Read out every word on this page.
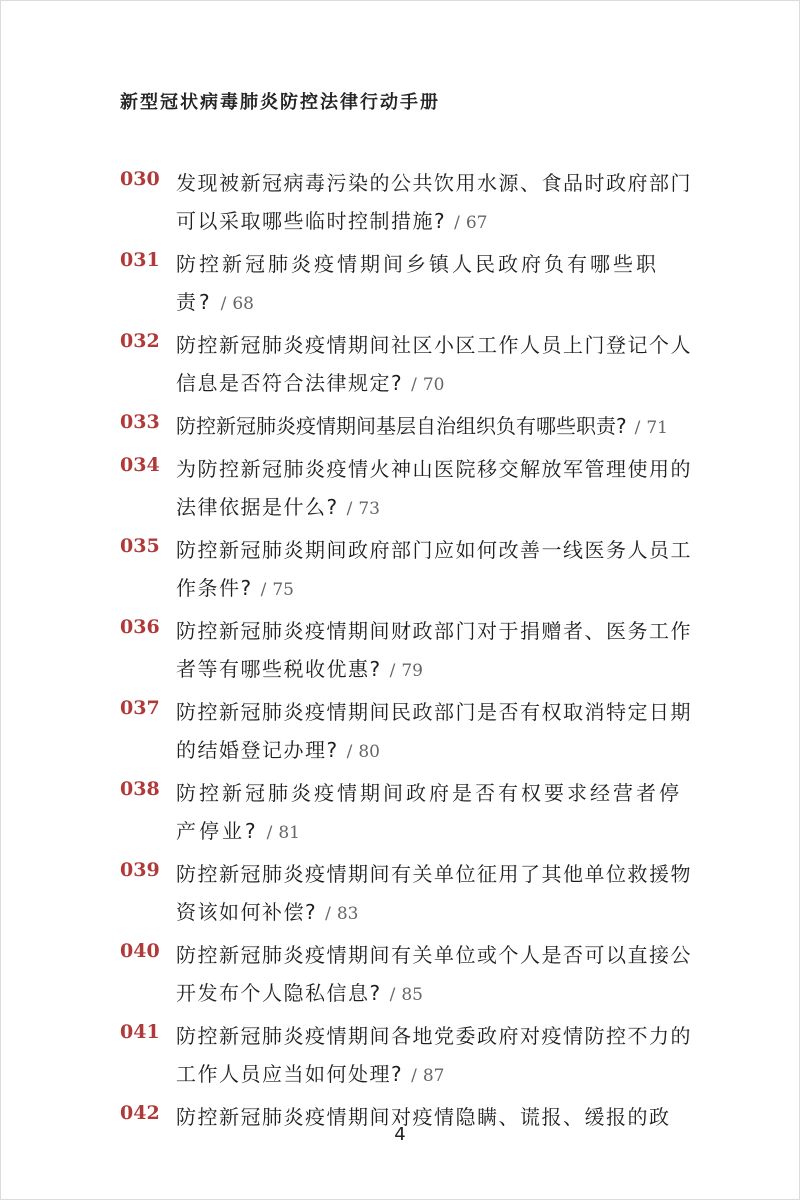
新型冠状病毒肺炎防控法律行动手册
030 发现被新冠病毒污染的公共饮用水源、食品时政府部门可以采取哪些临时控制措施? / 67
031 防控新冠肺炎疫情期间乡镇人民政府负有哪些职责? / 68
032 防控新冠肺炎疫情期间社区小区工作人员上门登记个人信息是否符合法律规定? / 70
033 防控新冠肺炎疫情期间基层自治组织负有哪些职责? / 71
034 为防控新冠肺炎疫情火神山医院移交解放军管理使用的法律依据是什么? / 73
035 防控新冠肺炎期间政府部门应如何改善一线医务人员工作条件? / 75
036 防控新冠肺炎疫情期间财政部门对于捐赠者、医务工作者等有哪些税收优惠? / 79
037 防控新冠肺炎疫情期间民政部门是否有权取消特定日期的结婚登记办理? / 80
038 防控新冠肺炎疫情期间政府是否有权要求经营者停产停业? / 81
039 防控新冠肺炎疫情期间有关单位征用了其他单位救援物资该如何补偿? / 83
040 防控新冠肺炎疫情期间有关单位或个人是否可以直接公开发布个人隐私信息? / 85
041 防控新冠肺炎疫情期间各地党委政府对疫情防控不力的工作人员应当如何处理? / 87
042 防控新冠肺炎疫情期间对疫情隐瞒、谎报、缓报的政
4
